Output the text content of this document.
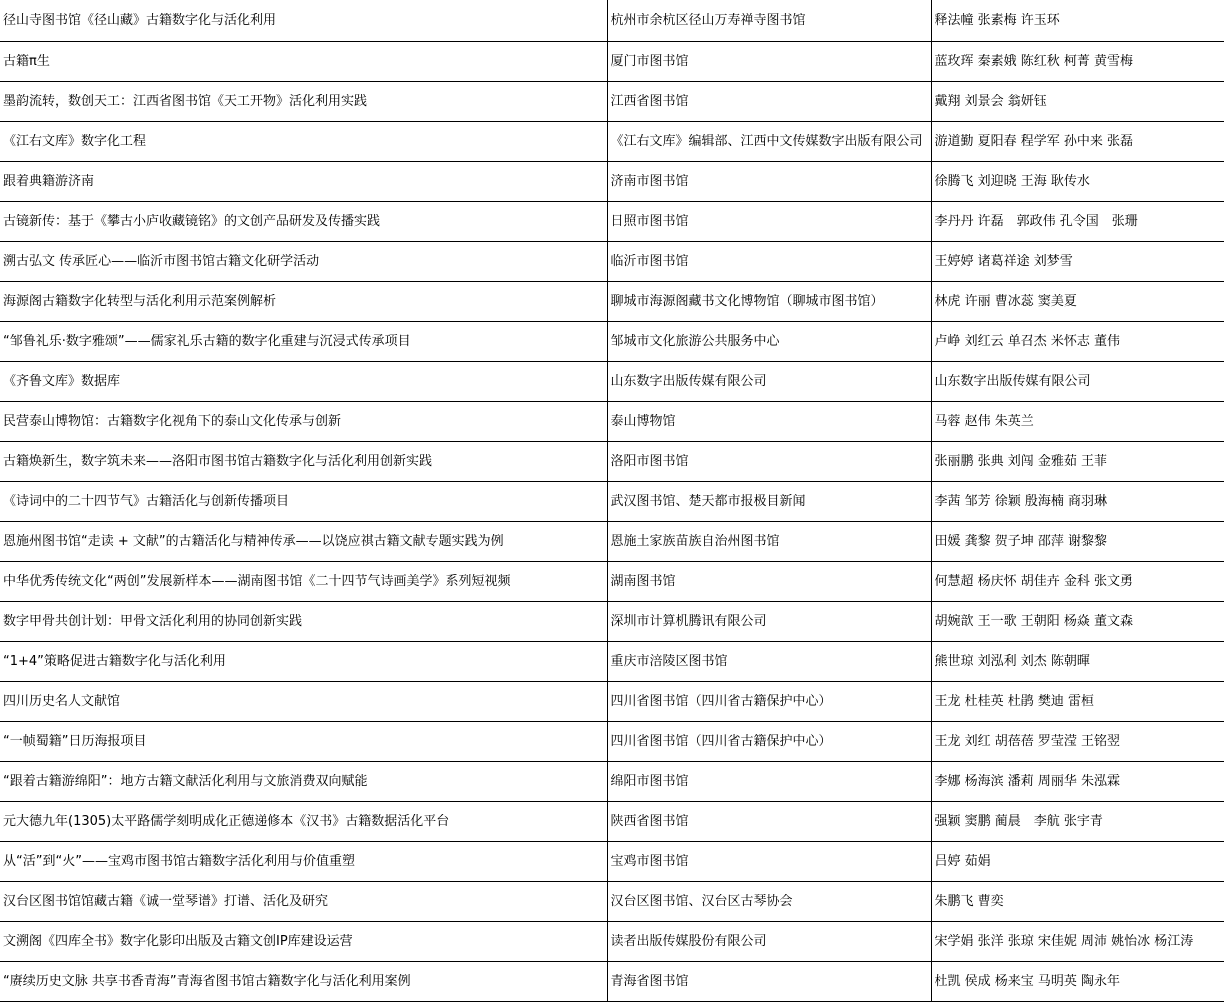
径山寺图书馆《径山藏》古籍数字化与活化利用	杭州市余杭区径山万寿禅寺图书馆	释法幢 张素梅 许玉环

古籍π生	厦门市图书馆	蓝玫珲 秦素娥 陈红秋 柯菁 黄雪梅

墨韵流转，数创天工：江西省图书馆《天工开物》活化利用实践	江西省图书馆	戴翔 刘景会 翁妍钰

《江右文库》数字化工程	《江右文库》编辑部、江西中文传媒数字出版有限公司	游道勤 夏阳春 程学军 孙中来 张磊

跟着典籍游济南	济南市图书馆	徐腾飞 刘迎晓 王海 耿传水

古镜新传：基于《攀古小庐收藏镜铭》的文创产品研发及传播实践	日照市图书馆	李丹丹 许磊　郭政伟 孔令国　张珊

溯古弘文 传承匠心——临沂市图书馆古籍文化研学活动	临沂市图书馆	王婷婷 诸葛祥途 刘梦雪

海源阁古籍数字化转型与活化利用示范案例解析	聊城市海源阁藏书文化博物馆（聊城市图书馆）	林虎 许丽 曹冰蕊 窦美夏

“邹鲁礼乐·数字雅颂”——儒家礼乐古籍的数字化重建与沉浸式传承项目	邹城市文化旅游公共服务中心	卢峥 刘红云 单召杰 米怀志 董伟

《齐鲁文库》数据库	山东数字出版传媒有限公司	山东数字出版传媒有限公司

民营泰山博物馆：古籍数字化视角下的泰山文化传承与创新	泰山博物馆	马蓉 赵伟 朱英兰

古籍焕新生，数字筑未来——洛阳市图书馆古籍数字化与活化利用创新实践	洛阳市图书馆	张丽鹏 张典 刘闯 金雅茹 王菲

《诗词中的二十四节气》古籍活化与创新传播项目	武汉图书馆、楚天都市报极目新闻	李茜 邹芳 徐颖 殷海楠 商羽琳

恩施州图书馆“走读 + 文献”的古籍活化与精神传承——以饶应祺古籍文献专题实践为例	恩施土家族苗族自治州图书馆	田媛 龚黎 贺子坤 邵萍 谢黎黎

中华优秀传统文化“两创”发展新样本——湖南图书馆《二十四节气诗画美学》系列短视频	湖南图书馆	何慧超 杨庆怀 胡佳卉 金科 张文勇

数字甲骨共创计划：甲骨文活化利用的协同创新实践	深圳市计算机腾讯有限公司	胡婉歆 王一歌 王朝阳 杨焱 董文森

“1+4”策略促进古籍数字化与活化利用	重庆市涪陵区图书馆	熊世琼 刘泓利 刘杰 陈朝暉

四川历史名人文献馆	四川省图书馆（四川省古籍保护中心）	王龙 杜桂英 杜鹃 樊迪 雷桓

“一帧蜀籍”日历海报项目	四川省图书馆（四川省古籍保护中心）	王龙 刘红 胡蓓蓓 罗莹滢 王铭翌

“跟着古籍游绵阳”：地方古籍文献活化利用与文旅消费双向赋能	绵阳市图书馆	李娜 杨海滨 潘莉 周丽华 朱泓霖

元大德九年(1305)太平路儒学刻明成化正德递修本《汉书》古籍数据活化平台	陕西省图书馆	强颖 窦鹏 蔺晨　李航 张宇青

从“活”到“火”——宝鸡市图书馆古籍数字活化利用与价值重塑	宝鸡市图书馆	吕婷 茹娟

汉台区图书馆馆藏古籍《诚一堂琴谱》打谱、活化及研究	汉台区图书馆、汉台区古琴协会	朱鹏飞 曹奕

文溯阁《四库全书》数字化影印出版及古籍文创IP库建设运营	读者出版传媒股份有限公司	宋学娟 张洋 张琼 宋佳妮 周沛 姚怡冰 杨江涛

“赓续历史文脉 共享书香青海”青海省图书馆古籍数字化与活化利用案例	青海省图书馆	杜凯 侯成 杨来宝 马明英 陶永年
